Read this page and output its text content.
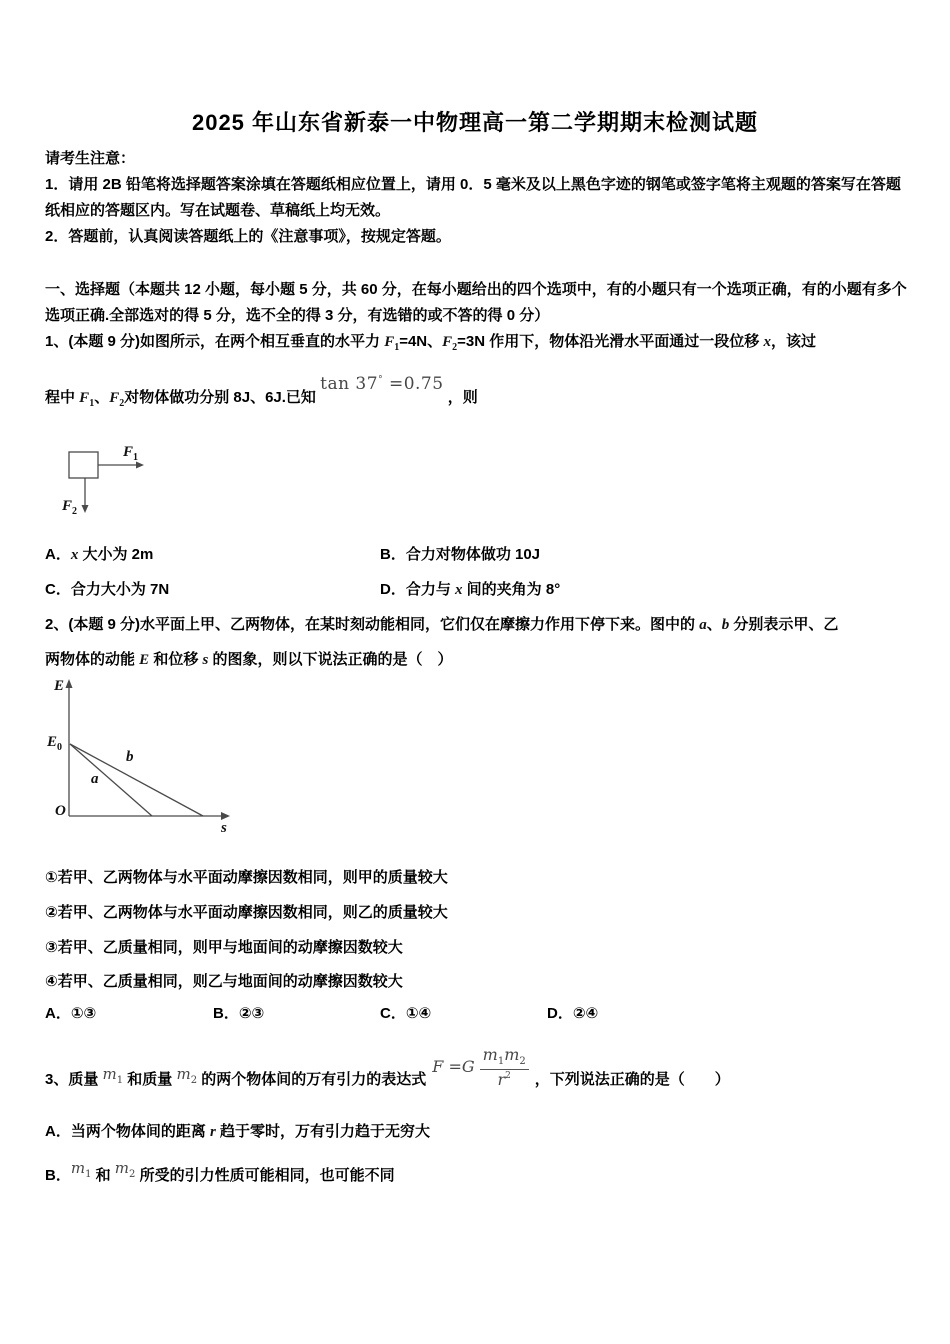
2025 年山东省新泰一中物理高一第二学期期末检测试题
请考生注意：
1．请用 2B 铅笔将选择题答案涂填在答题纸相应位置上，请用 0．5 毫米及以上黑色字迹的钢笔或签字笔将主观题的答案写在答题纸相应的答题区内。写在试题卷、草稿纸上均无效。
2．答题前，认真阅读答题纸上的《注意事项》，按规定答题。
一、选择题（本题共 12 小题，每小题 5 分，共 60 分，在每小题给出的四个选项中，有的小题只有一个选项正确，有的小题有多个选项正确.全部选对的得 5 分，选不全的得 3 分，有选错的或不答的得 0 分）
1、(本题 9 分)如图所示，在两个相互垂直的水平力 $F_1=4N$、$F_2=3N$ 作用下，物体沿光滑水平面通过一段位移 x，该过
程中 $F_1$、$F_2$对物体做功分别 8J、6J.已知 tan 37° =0.75 ，则
$F_1$
$F_2$
A．x 大小为 2m	B．合力对物体做功 10J
C．合力大小为 7N	D．合力与 x 间的夹角为 8°
2、(本题 9 分)水平面上甲、乙两物体，在某时刻动能相同，它们仅在摩擦力作用下停下来。图中的 a、b 分别表示甲、乙
两物体的动能 E 和位移 s 的图象，则以下说法正确的是（　）
E
$E_0$
O
s
a
b
①若甲、乙两物体与水平面动摩擦因数相同，则甲的质量较大
②若甲、乙两物体与水平面动摩擦因数相同，则乙的质量较大
③若甲、乙质量相同，则甲与地面间的动摩擦因数较大
④若甲、乙质量相同，则乙与地面间的动摩擦因数较大
A．①③	B．②③	C．①④	D．②④
3、质量 m1 和质量 m2 的两个物体间的万有引力的表达式$F =G \frac{m_1m_2}{r^2}$ ，下列说法正确的是（　　）
A．当两个物体间的距离 r 趋于零时，万有引力趋于无穷大
B．$m^1$ 和 $m^2$ 所受的引力性质可能相同，也可能不同
